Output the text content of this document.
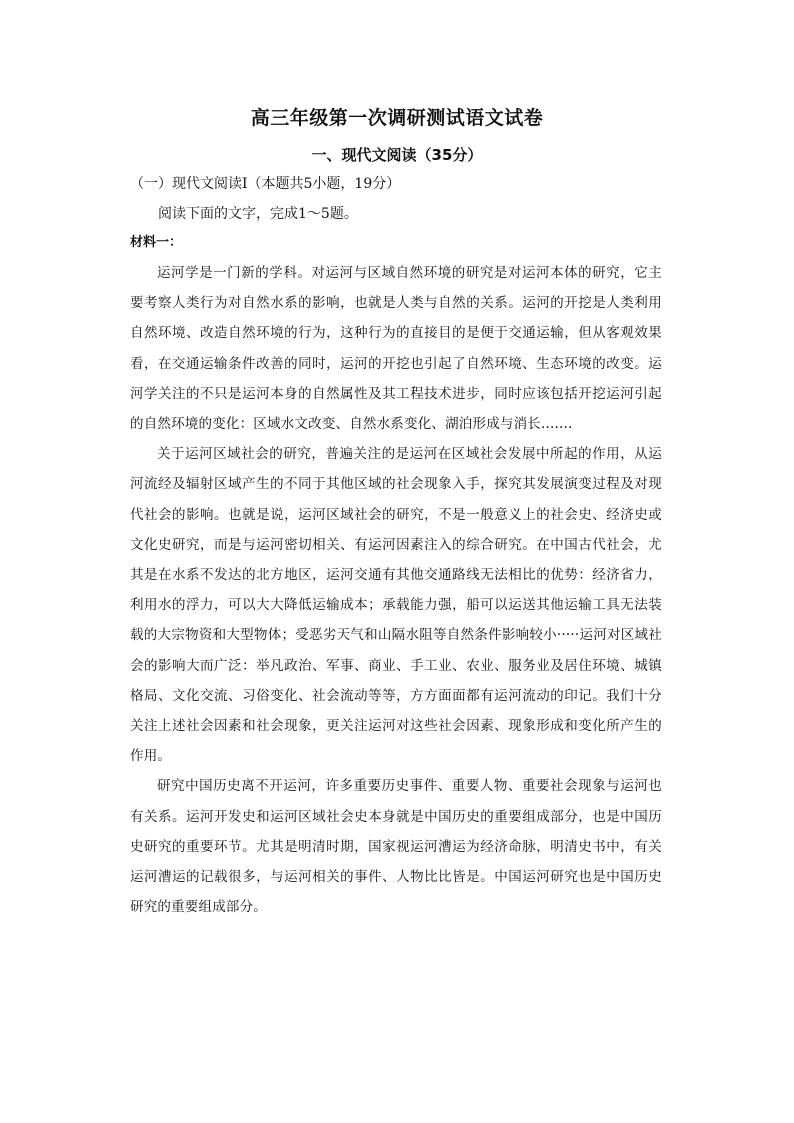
高三年级第一次调研测试语文试卷
一、现代文阅读（35分）
（一）现代文阅读Ⅰ（本题共5小题，19分）
阅读下面的文字，完成1～5题。
材料一：

运河学是一门新的学科。对运河与区域自然环境的研究是对运河本体的研究，它主要考察人类行为对自然水系的影响，也就是人类与自然的关系。运河的开挖是人类利用自然环境、改造自然环境的行为，这种行为的直接目的是便于交通运输，但从客观效果看，在交通运输条件改善的同时，运河的开挖也引起了自然环境、生态环境的改变。运河学关注的不只是运河本身的自然属性及其工程技术进步，同时应该包括开挖运河引起的自然环境的变化：区域水文改变、自然水系变化、湖泊形成与消长.......

关于运河区域社会的研究，普遍关注的是运河在区域社会发展中所起的作用，从运河流经及辐射区域产生的不同于其他区域的社会现象入手，探究其发展演变过程及对现代社会的影响。也就是说，运河区域社会的研究，不是一般意义上的社会史、经济史或文化史研究，而是与运河密切相关、有运河因素注入的综合研究。在中国古代社会，尤其是在水系不发达的北方地区，运河交通有其他交通路线无法相比的优势：经济省力，利用水的浮力，可以大大降低运输成本；承载能力强，船可以运送其他运输工具无法装载的大宗物资和大型物体；受恶劣天气和山隔水阻等自然条件影响较小·····运河对区域社会的影响大而广泛：举凡政治、军事、商业、手工业、农业、服务业及居住环境、城镇格局、文化交流、习俗变化、社会流动等等，方方面面都有运河流动的印记。我们十分关注上述社会因素和社会现象，更关注运河对这些社会因素、现象形成和变化所产生的作用。

研究中国历史离不开运河，许多重要历史事件、重要人物、重要社会现象与运河也有关系。运河开发史和运河区域社会史本身就是中国历史的重要组成部分，也是中国历史研究的重要环节。尤其是明清时期，国家视运河漕运为经济命脉，明清史书中，有关运河漕运的记载很多，与运河相关的事件、人物比比皆是。中国运河研究也是中国历史研究的重要组成部分。
